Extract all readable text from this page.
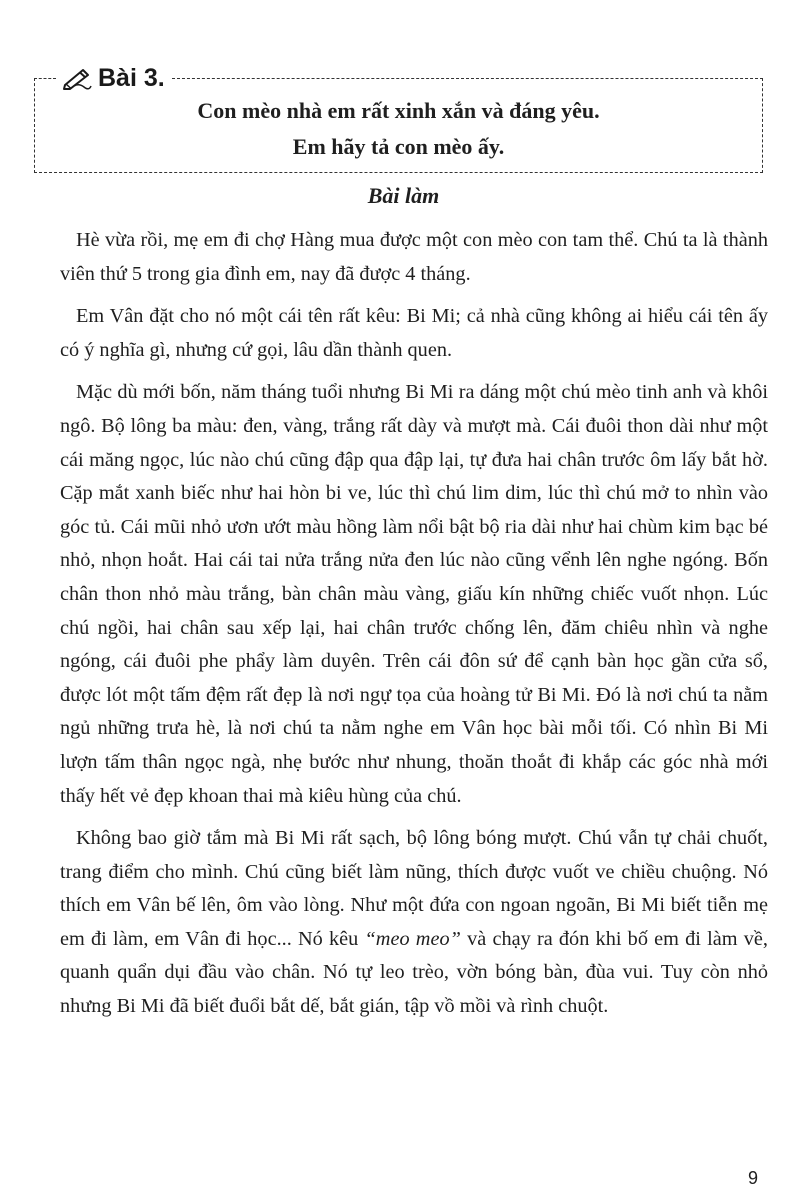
Bài 3.
Con mèo nhà em rất xinh xắn và đáng yêu.
Em hãy tả con mèo ấy.
Bài làm

Hè vừa rồi, mẹ em đi chợ Hàng mua được một con mèo con tam thể. Chú ta là thành viên thứ 5 trong gia đình em, nay đã được 4 tháng.

Em Vân đặt cho nó một cái tên rất kêu: Bi Mi; cả nhà cũng không ai hiểu cái tên ấy có ý nghĩa gì, nhưng cứ gọi, lâu dần thành quen.

Mặc dù mới bốn, năm tháng tuổi nhưng Bi Mi ra dáng một chú mèo tinh anh và khôi ngô. Bộ lông ba màu: đen, vàng, trắng rất dày và mượt mà. Cái đuôi thon dài như một cái măng ngọc, lúc nào chú cũng đập qua đập lại, tự đưa hai chân trước ôm lấy bắt hờ. Cặp mắt xanh biếc như hai hòn bi ve, lúc thì chú lim dim, lúc thì chú mở to nhìn vào góc tủ. Cái mũi nhỏ ươn ướt màu hồng làm nổi bật bộ ria dài như hai chùm kim bạc bé nhỏ, nhọn hoắt. Hai cái tai nửa trắng nửa đen lúc nào cũng vểnh lên nghe ngóng. Bốn chân thon nhỏ màu trắng, bàn chân màu vàng, giấu kín những chiếc vuốt nhọn. Lúc chú ngồi, hai chân sau xếp lại, hai chân trước chống lên, đăm chiêu nhìn và nghe ngóng, cái đuôi phe phẩy làm duyên. Trên cái đôn sứ để cạnh bàn học gần cửa sổ, được lót một tấm đệm rất đẹp là nơi ngự tọa của hoàng tử Bi Mi. Đó là nơi chú ta nằm ngủ những trưa hè, là nơi chú ta nằm nghe em Vân học bài mỗi tối. Có nhìn Bi Mi lượn tấm thân ngọc ngà, nhẹ bước như nhung, thoăn thoắt đi khắp các góc nhà mới thấy hết vẻ đẹp khoan thai mà kiêu hùng của chú.

Không bao giờ tắm mà Bi Mi rất sạch, bộ lông bóng mượt. Chú vẫn tự chải chuốt, trang điểm cho mình. Chú cũng biết làm nũng, thích được vuốt ve chiều chuộng. Nó thích em Vân bế lên, ôm vào lòng. Như một đứa con ngoan ngoãn, Bi Mi biết tiễn mẹ em đi làm, em Vân đi học... Nó kêu “meo meo” và chạy ra đón khi bố em đi làm về, quanh quẩn dụi đầu vào chân. Nó tự leo trèo, vờn bóng bàn, đùa vui. Tuy còn nhỏ nhưng Bi Mi đã biết đuổi bắt dế, bắt gián, tập vồ mồi và rình chuột.

9
